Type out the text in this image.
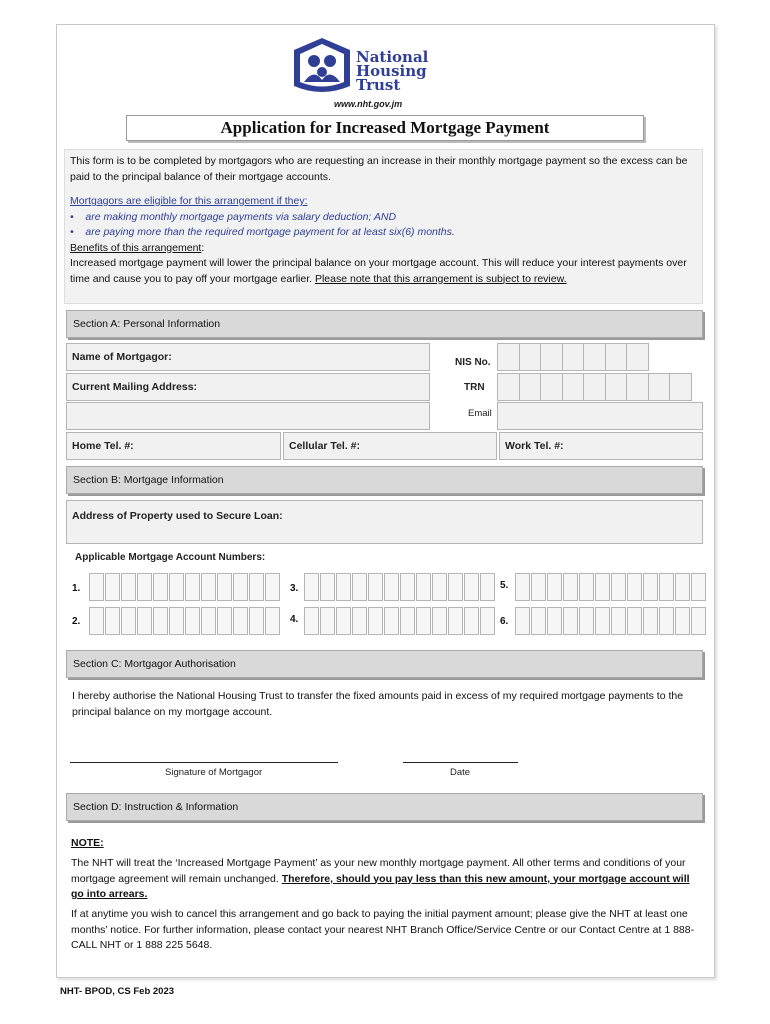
National
Housing
Trust
www.nht.gov.jm
Application for Increased Mortgage Payment

This form is to be completed by mortgagors who are requesting an increase in their monthly mortgage payment so the excess can be paid to the principal balance of their mortgage accounts.

Mortgagors are eligible for this arrangement if they:

•    are making monthly mortgage payments via salary deduction; AND

•    are paying more than the required mortgage payment for at least six(6) months.

Benefits of this arrangement:

Increased mortgage payment will lower the principal balance on your mortgage account. This will reduce your interest payments over time and cause you to pay off your mortgage earlier. Please note that this arrangement is subject to review.

Section A: Personal Information
Name of Mortgagor:
Current Mailing Address:
NIS No.
TRN
Email
Home Tel. #:	Cellular Tel. #:	Work Tel. #:
Section B: Mortgage Information
Address of Property used to Secure Loan:
Applicable Mortgage Account Numbers:
1.	3.	5.
2.	4.	6.
Section C: Mortgagor Authorisation
I hereby authorise the National Housing Trust to transfer the fixed amounts paid in excess of my required mortgage payments to the principal balance on my mortgage account.
Signature of Mortgagor	Date
Section D: Instruction & Information
NOTE:
The NHT will treat the ‘Increased Mortgage Payment’ as your new monthly mortgage payment. All other terms and conditions of your mortgage agreement will remain unchanged. Therefore, should you pay less than this new amount, your mortgage account will go into arrears.
If at anytime you wish to cancel this arrangement and go back to paying the initial payment amount; please give the NHT at least one months’ notice. For further information, please contact your nearest NHT Branch Office/Service Centre or our Contact Centre at 1 888-CALL NHT or 1 888 225 5648.
NHT- BPOD, CS Feb 2023
